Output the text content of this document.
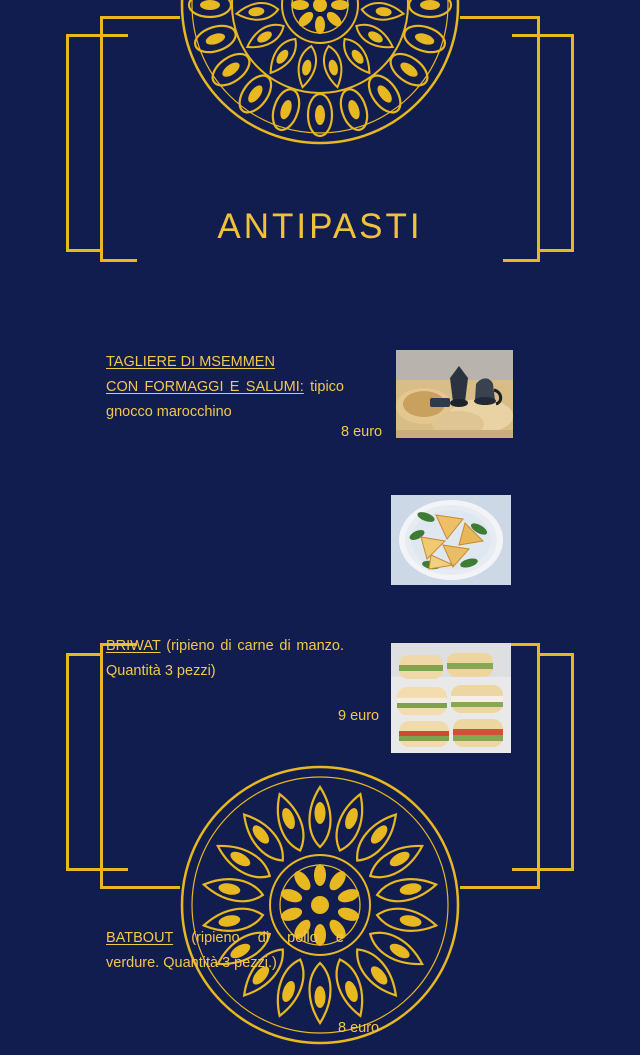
ANTIPASTI
TAGLIERE DI MSEMMEN
CON FORMAGGI E SALUMI: tipico gnocco marocchino
8 euro
BRIWAT (ripieno di carne di manzo. Quantità 3 pezzi)
9 euro
BATBOUT (ripieno di pollo e verdure. Quantità 3 pezzi.)
8 euro
